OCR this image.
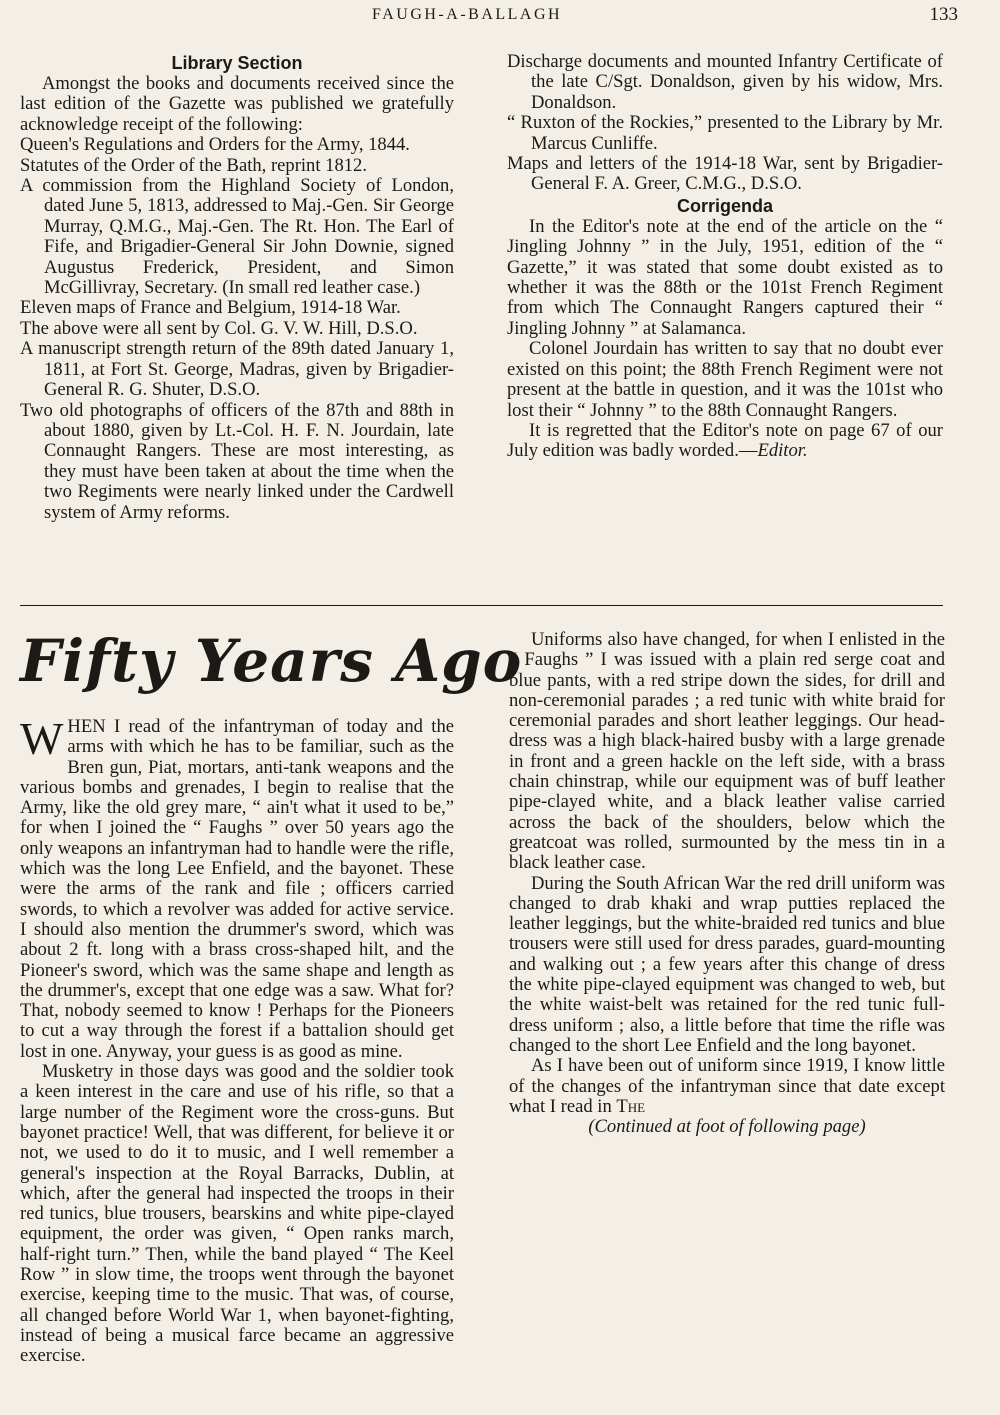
FAUGH-A-BALLAGH	133

Library Section

Amongst the books and documents received since the last edition of the Gazette was published we gratefully acknowledge receipt of the following:

Queen's Regulations and Orders for the Army, 1844.

Statutes of the Order of the Bath, reprint 1812.

A commission from the Highland Society of London, dated June 5, 1813, addressed to Maj.-Gen. Sir George Murray, Q.M.G., Maj.-Gen. The Rt. Hon. The Earl of Fife, and Brigadier-General Sir John Downie, signed Augustus Frederick, President, and Simon McGillivray, Secretary. (In small red leather case.)

Eleven maps of France and Belgium, 1914-18 War.

The above were all sent by Col. G. V. W. Hill, D.S.O.

A manuscript strength return of the 89th dated January 1, 1811, at Fort St. George, Madras, given by Brigadier-General R. G. Shuter, D.S.O.

Two old photographs of officers of the 87th and 88th in about 1880, given by Lt.-Col. H. F. N. Jourdain, late Connaught Rangers. These are most interesting, as they must have been taken at about the time when the two Regiments were nearly linked under the Cardwell system of Army reforms.

Discharge documents and mounted Infantry Certificate of the late C/Sgt. Donaldson, given by his widow, Mrs. Donaldson.

“ Ruxton of the Rockies,” presented to the Library by Mr. Marcus Cunliffe.

Maps and letters of the 1914-18 War, sent by Brigadier-General F. A. Greer, C.M.G., D.S.O.

Corrigenda

In the Editor's note at the end of the article on the “ Jingling Johnny ” in the July, 1951, edition of the “ Gazette,” it was stated that some doubt existed as to whether it was the 88th or the 101st French Regiment from which The Connaught Rangers captured their “ Jingling Johnny ” at Salamanca.

Colonel Jourdain has written to say that no doubt ever existed on this point; the 88th French Regiment were not present at the battle in question, and it was the 101st who lost their “ Johnny ” to the 88th Connaught Rangers.

It is regretted that the Editor's note on page 67 of our July edition was badly worded.—Editor.

Fifty Years Ago

WHEN I read of the infantryman of today and the arms with which he has to be familiar, such as the Bren gun, Piat, mortars, anti-tank weapons and the various bombs and grenades, I begin to realise that the Army, like the old grey mare, “ ain't what it used to be,” for when I joined the “ Faughs ” over 50 years ago the only weapons an infantryman had to handle were the rifle, which was the long Lee Enfield, and the bayonet. These were the arms of the rank and file ; officers carried swords, to which a revolver was added for active service. I should also mention the drummer's sword, which was about 2 ft. long with a brass cross-shaped hilt, and the Pioneer's sword, which was the same shape and length as the drummer's, except that one edge was a saw. What for? That, nobody seemed to know ! Perhaps for the Pioneers to cut a way through the forest if a battalion should get lost in one. Anyway, your guess is as good as mine.

Musketry in those days was good and the soldier took a keen interest in the care and use of his rifle, so that a large number of the Regiment wore the cross-guns. But bayonet practice! Well, that was different, for believe it or not, we used to do it to music, and I well remember a general's inspection at the Royal Barracks, Dublin, at which, after the general had inspected the troops in their red tunics, blue trousers, bearskins and white pipe-clayed equipment, the order was given, “ Open ranks march, half-right turn.” Then, while the band played “ The Keel Row ” in slow time, the troops went through the bayonet exercise, keeping time to the music. That was, of course, all changed before World War 1, when bayonet-fighting, instead of being a musical farce became an aggressive exercise.

Uniforms also have changed, for when I enlisted in the “ Faughs ” I was issued with a plain red serge coat and blue pants, with a red stripe down the sides, for drill and non-ceremonial parades ; a red tunic with white braid for ceremonial parades and short leather leggings. Our head-dress was a high black-haired busby with a large grenade in front and a green hackle on the left side, with a brass chain chinstrap, while our equipment was of buff leather pipe-clayed white, and a black leather valise carried across the back of the shoulders, below which the greatcoat was rolled, surmounted by the mess tin in a black leather case.

During the South African War the red drill uniform was changed to drab khaki and wrap putties replaced the leather leggings, but the white-braided red tunics and blue trousers were still used for dress parades, guard-mounting and walking out ; a few years after this change of dress the white pipe-clayed equipment was changed to web, but the white waist-belt was retained for the red tunic full-dress uniform ; also, a little before that time the rifle was changed to the short Lee Enfield and the long bayonet.

As I have been out of uniform since 1919, I know little of the changes of the infantryman since that date except what I read in The

(Continued at foot of following page)
